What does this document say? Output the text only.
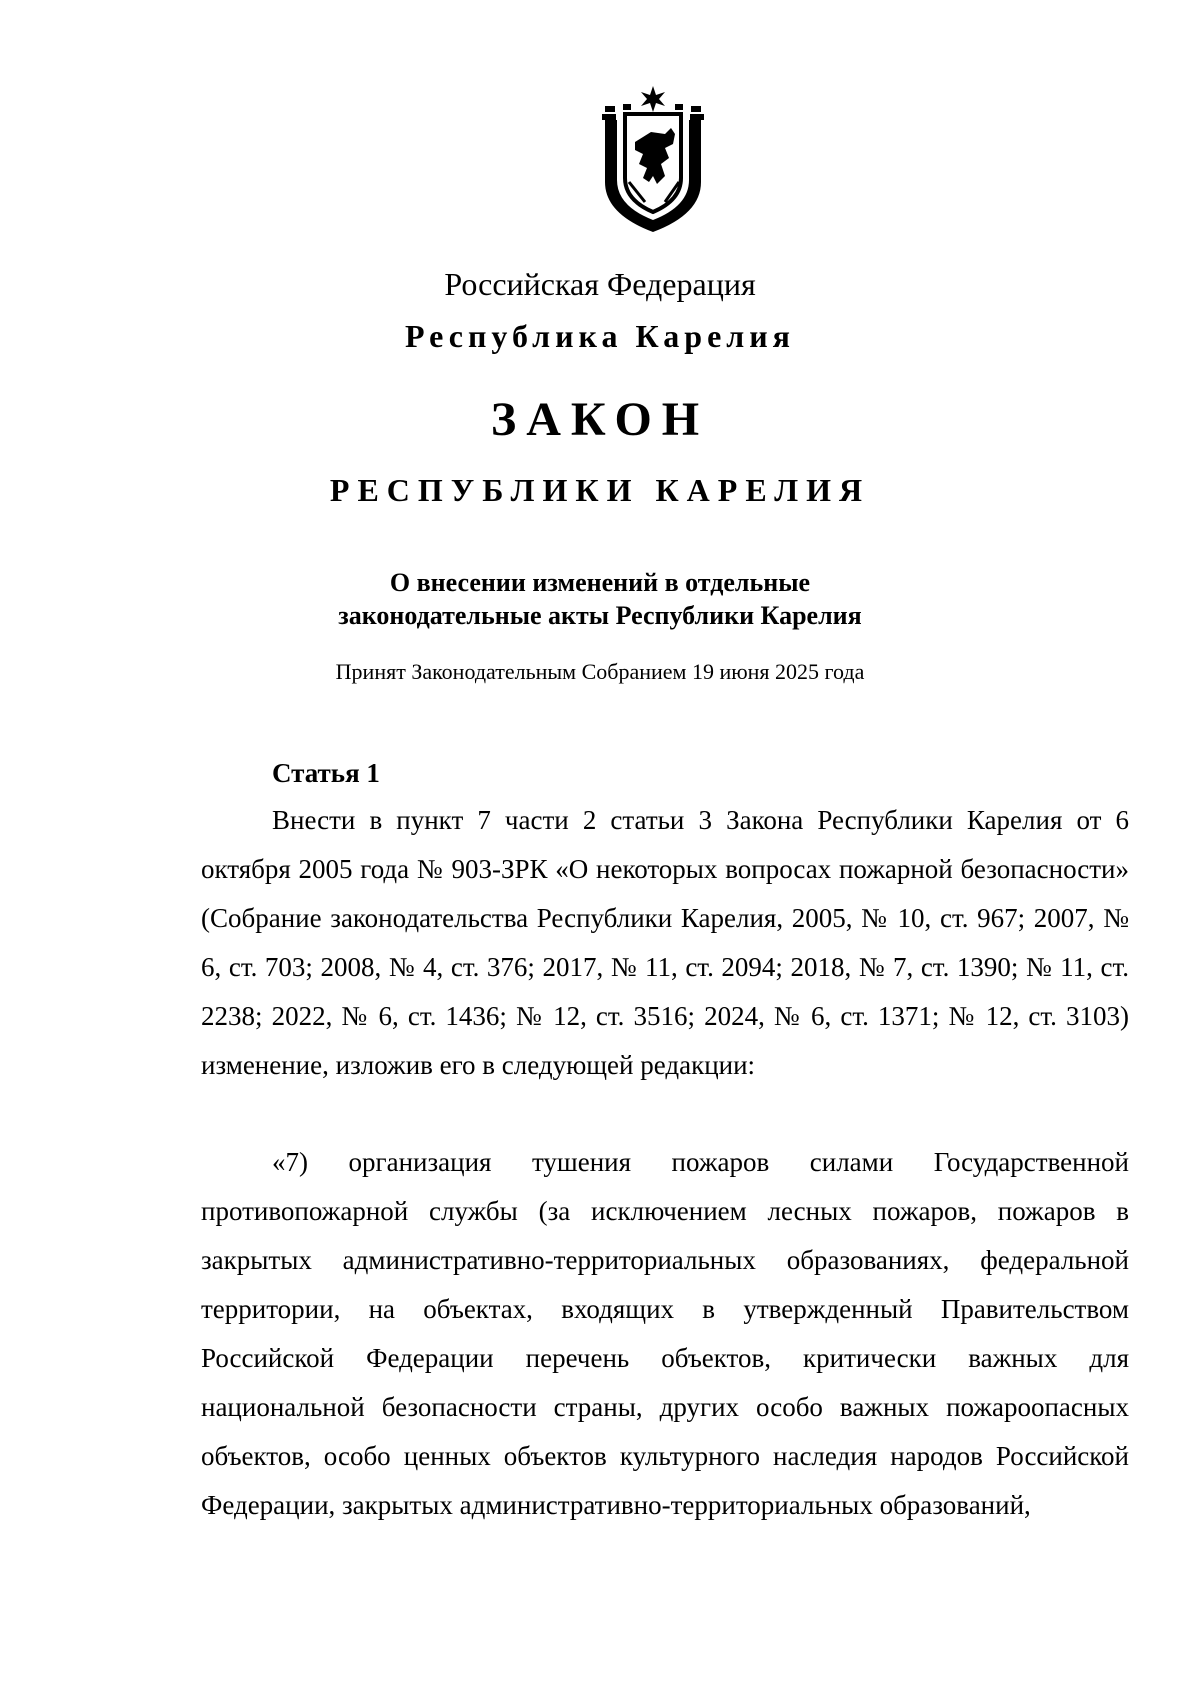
Российская Федерация
Республика Карелия
ЗАКОН
РЕСПУБЛИКИ КАРЕЛИЯ
О внесении изменений в отдельные
законодательные акты Республики Карелия
Принят Законодательным Собранием 19 июня 2025 года
Статья 1

Внести в пункт 7 части 2 статьи 3 Закона Республики Карелия от 6 октября 2005 года № 903-ЗРК «О некоторых вопросах пожарной безопасности» (Собрание законодательства Республики Карелия, 2005, № 10, ст. 967; 2007, № 6, ст. 703; 2008, № 4, ст. 376; 2017, № 11, ст. 2094; 2018, № 7, ст. 1390; № 11, ст. 2238; 2022, № 6, ст. 1436; № 12, ст. 3516; 2024, № 6, ст. 1371; № 12, ст. 3103) изменение, изложив его в следующей редакции:

«7) организация тушения пожаров силами Государственной противопожарной службы (за исключением лесных пожаров, пожаров в закрытых административно-территориальных образованиях, федеральной территории, на объектах, входящих в утвержденный Правительством Российской Федерации перечень объектов, критически важных для национальной безопасности страны, других особо важных пожароопасных объектов, особо ценных объектов культурного наследия народов Российской Федерации, закрытых административно-территориальных образований,
